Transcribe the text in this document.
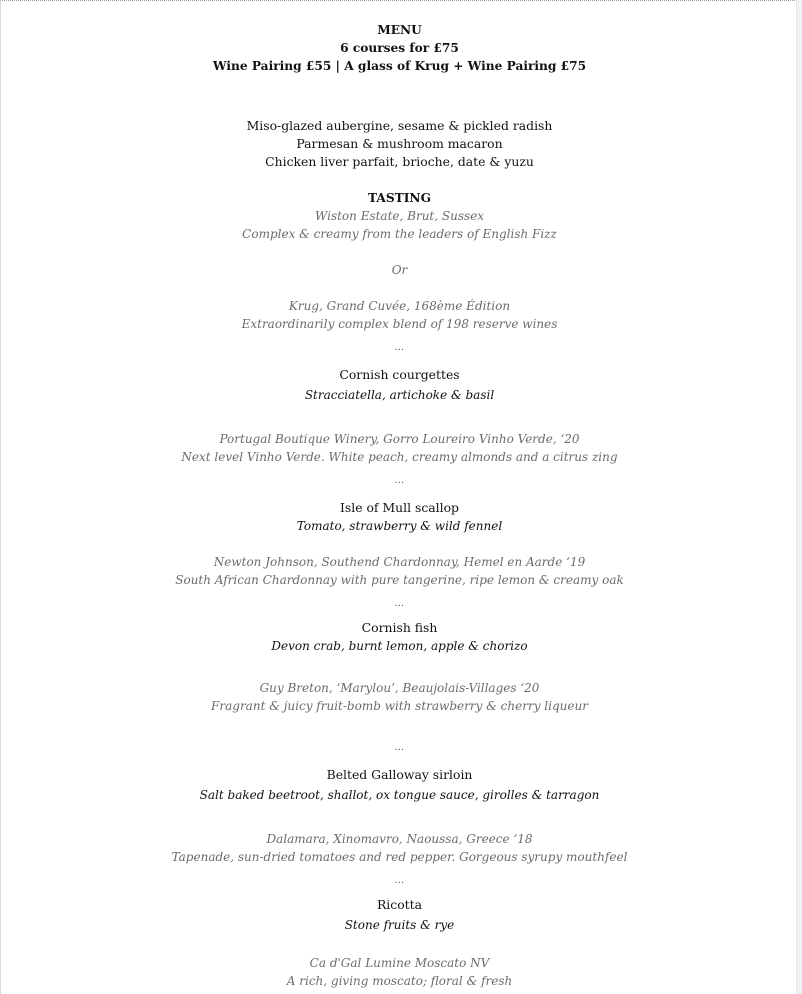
MENU
6 courses for £75
Wine Pairing £55 | A glass of Krug + Wine Pairing £75
Miso-glazed aubergine, sesame & pickled radish
Parmesan & mushroom macaron
Chicken liver parfait, brioche, date & yuzu
TASTING
Wiston Estate, Brut, Sussex
Complex & creamy from the leaders of English Fizz
Or
Krug, Grand Cuvée, 168ème Édition
Extraordinarily complex blend of 198 reserve wines
...
Cornish courgettes
Stracciatella, artichoke & basil
Portugal Boutique Winery, Gorro Loureiro Vinho Verde, ‘20
Next level Vinho Verde. White peach, creamy almonds and a citrus zing
...
Isle of Mull scallop
Tomato, strawberry & wild fennel
Newton Johnson, Southend Chardonnay, Hemel en Aarde ‘19
South African Chardonnay with pure tangerine, ripe lemon & creamy oak
...
Cornish fish
Devon crab, burnt lemon, apple & chorizo
Guy Breton, ‘Marylou’, Beaujolais-Villages ‘20
Fragrant & juicy fruit-bomb with strawberry & cherry liqueur
...
Belted Galloway sirloin
Salt baked beetroot, shallot, ox tongue sauce, girolles & tarragon
Dalamara, Xinomavro, Naoussa, Greece ‘18
Tapenade, sun-dried tomatoes and red pepper. Gorgeous syrupy mouthfeel
...
Ricotta
Stone fruits & rye
Ca d'Gal Lumine Moscato NV
A rich, giving moscato; floral & fresh
